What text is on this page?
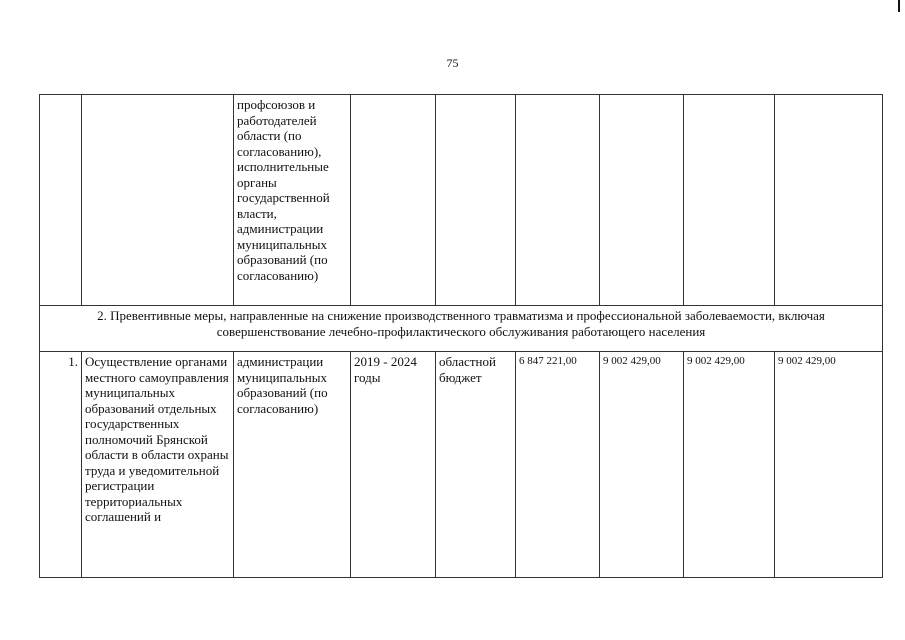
75

		профсоюзов и работодателей области (по согласованию), исполнительные органы государственной власти, администрации муниципальных образований (по согласованию)						

2. Превентивные меры, направленные на снижение производственного травматизма и профессиональной заболеваемости, включая совершенствование лечебно-профилактического обслуживания работающего населения								
1.	Осуществление органами местного самоуправления муниципальных образований отдельных государственных полномочий Брянской области в области охраны труда и уведомительной регистрации территориальных соглашений и	администрации муниципальных образований (по согласованию)	2019 - 2024 годы	областной бюджет	6 847 221,00	9 002 429,00	9 002 429,00	9 002 429,00
